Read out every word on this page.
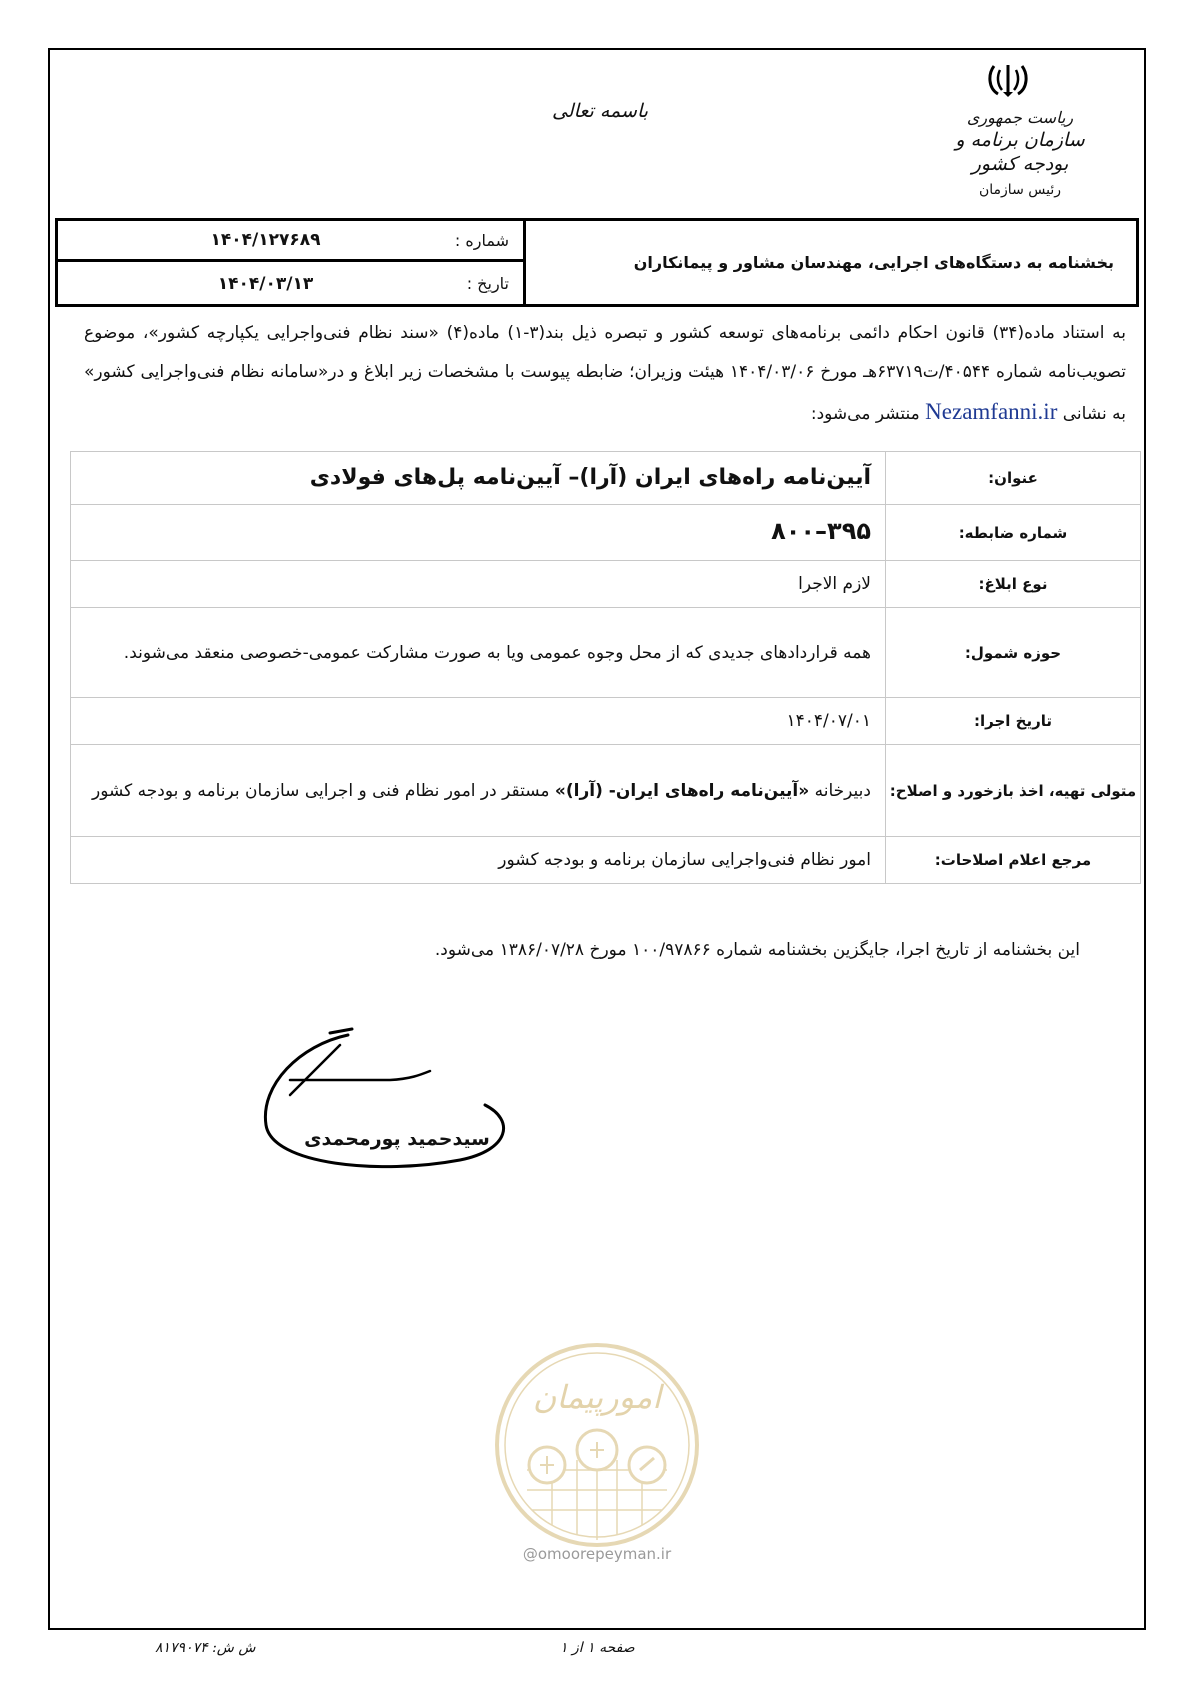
ریاست جمهوری
سازمان برنامه و بودجه کشور
رئیس سازمان
باسمه تعالی
بخشنامه به دستگاه‌های اجرایی، مهندسان مشاور و پیمانکاران
شماره :
۱۴۰۴/۱۲۷۶۸۹
تاریخ :
۱۴۰۴/۰۳/۱۳
به استناد ماده(۳۴) قانون احکام دائمی برنامه‌های توسعه کشور و تبصره ذیل بند(۳-۱) ماده(۴) «سند نظام فنی‌واجرایی یکپارچه کشور»، موضوع تصویب‌نامه شماره ۴۰۵۴۴/ت۶۳۷۱۹هـ مورخ ۱۴۰۴/۰۳/۰۶ هیئت وزیران؛ ضابطه پیوست با مشخصات زیر ابلاغ و در«سامانه نظام فنی‌واجرایی کشور» به نشانی Nezamfanni.ir منتشر می‌شود:
عنوان:	آیین‌نامه راه‌های ایران (آرا)– آیین‌نامه پل‌های فولادی
شماره ضابطه:	۳۹۵–۸۰۰
نوع ابلاغ:	لازم الاجرا
حوزه شمول:	همه قراردادهای جدیدی که از محل وجوه عمومی ویا به صورت مشارکت عمومی-خصوصی منعقد می‌شوند.
تاریخ اجرا:	۱۴۰۴/۰۷/۰۱
متولی تهیه، اخذ بازخورد و اصلاح:	دبیرخانه «آیین‌نامه راه‌های ایران- (آرا)» مستقر در امور نظام فنی و اجرایی سازمان برنامه و بودجه کشور
مرجع اعلام اصلاحات:	امور نظام فنی‌واجرایی سازمان برنامه و بودجه کشور
این بخشنامه از تاریخ اجرا، جایگزین بخشنامه شماره ۱۰۰/۹۷۸۶۶ مورخ ۱۳۸۶/۰۷/۲۸ می‌شود.
سیدحمید پورمحمدی
امورپیمان
@omoorepeyman.ir
صفحه ۱ از ۱
ش ش: ۸۱۷۹۰۷۴
